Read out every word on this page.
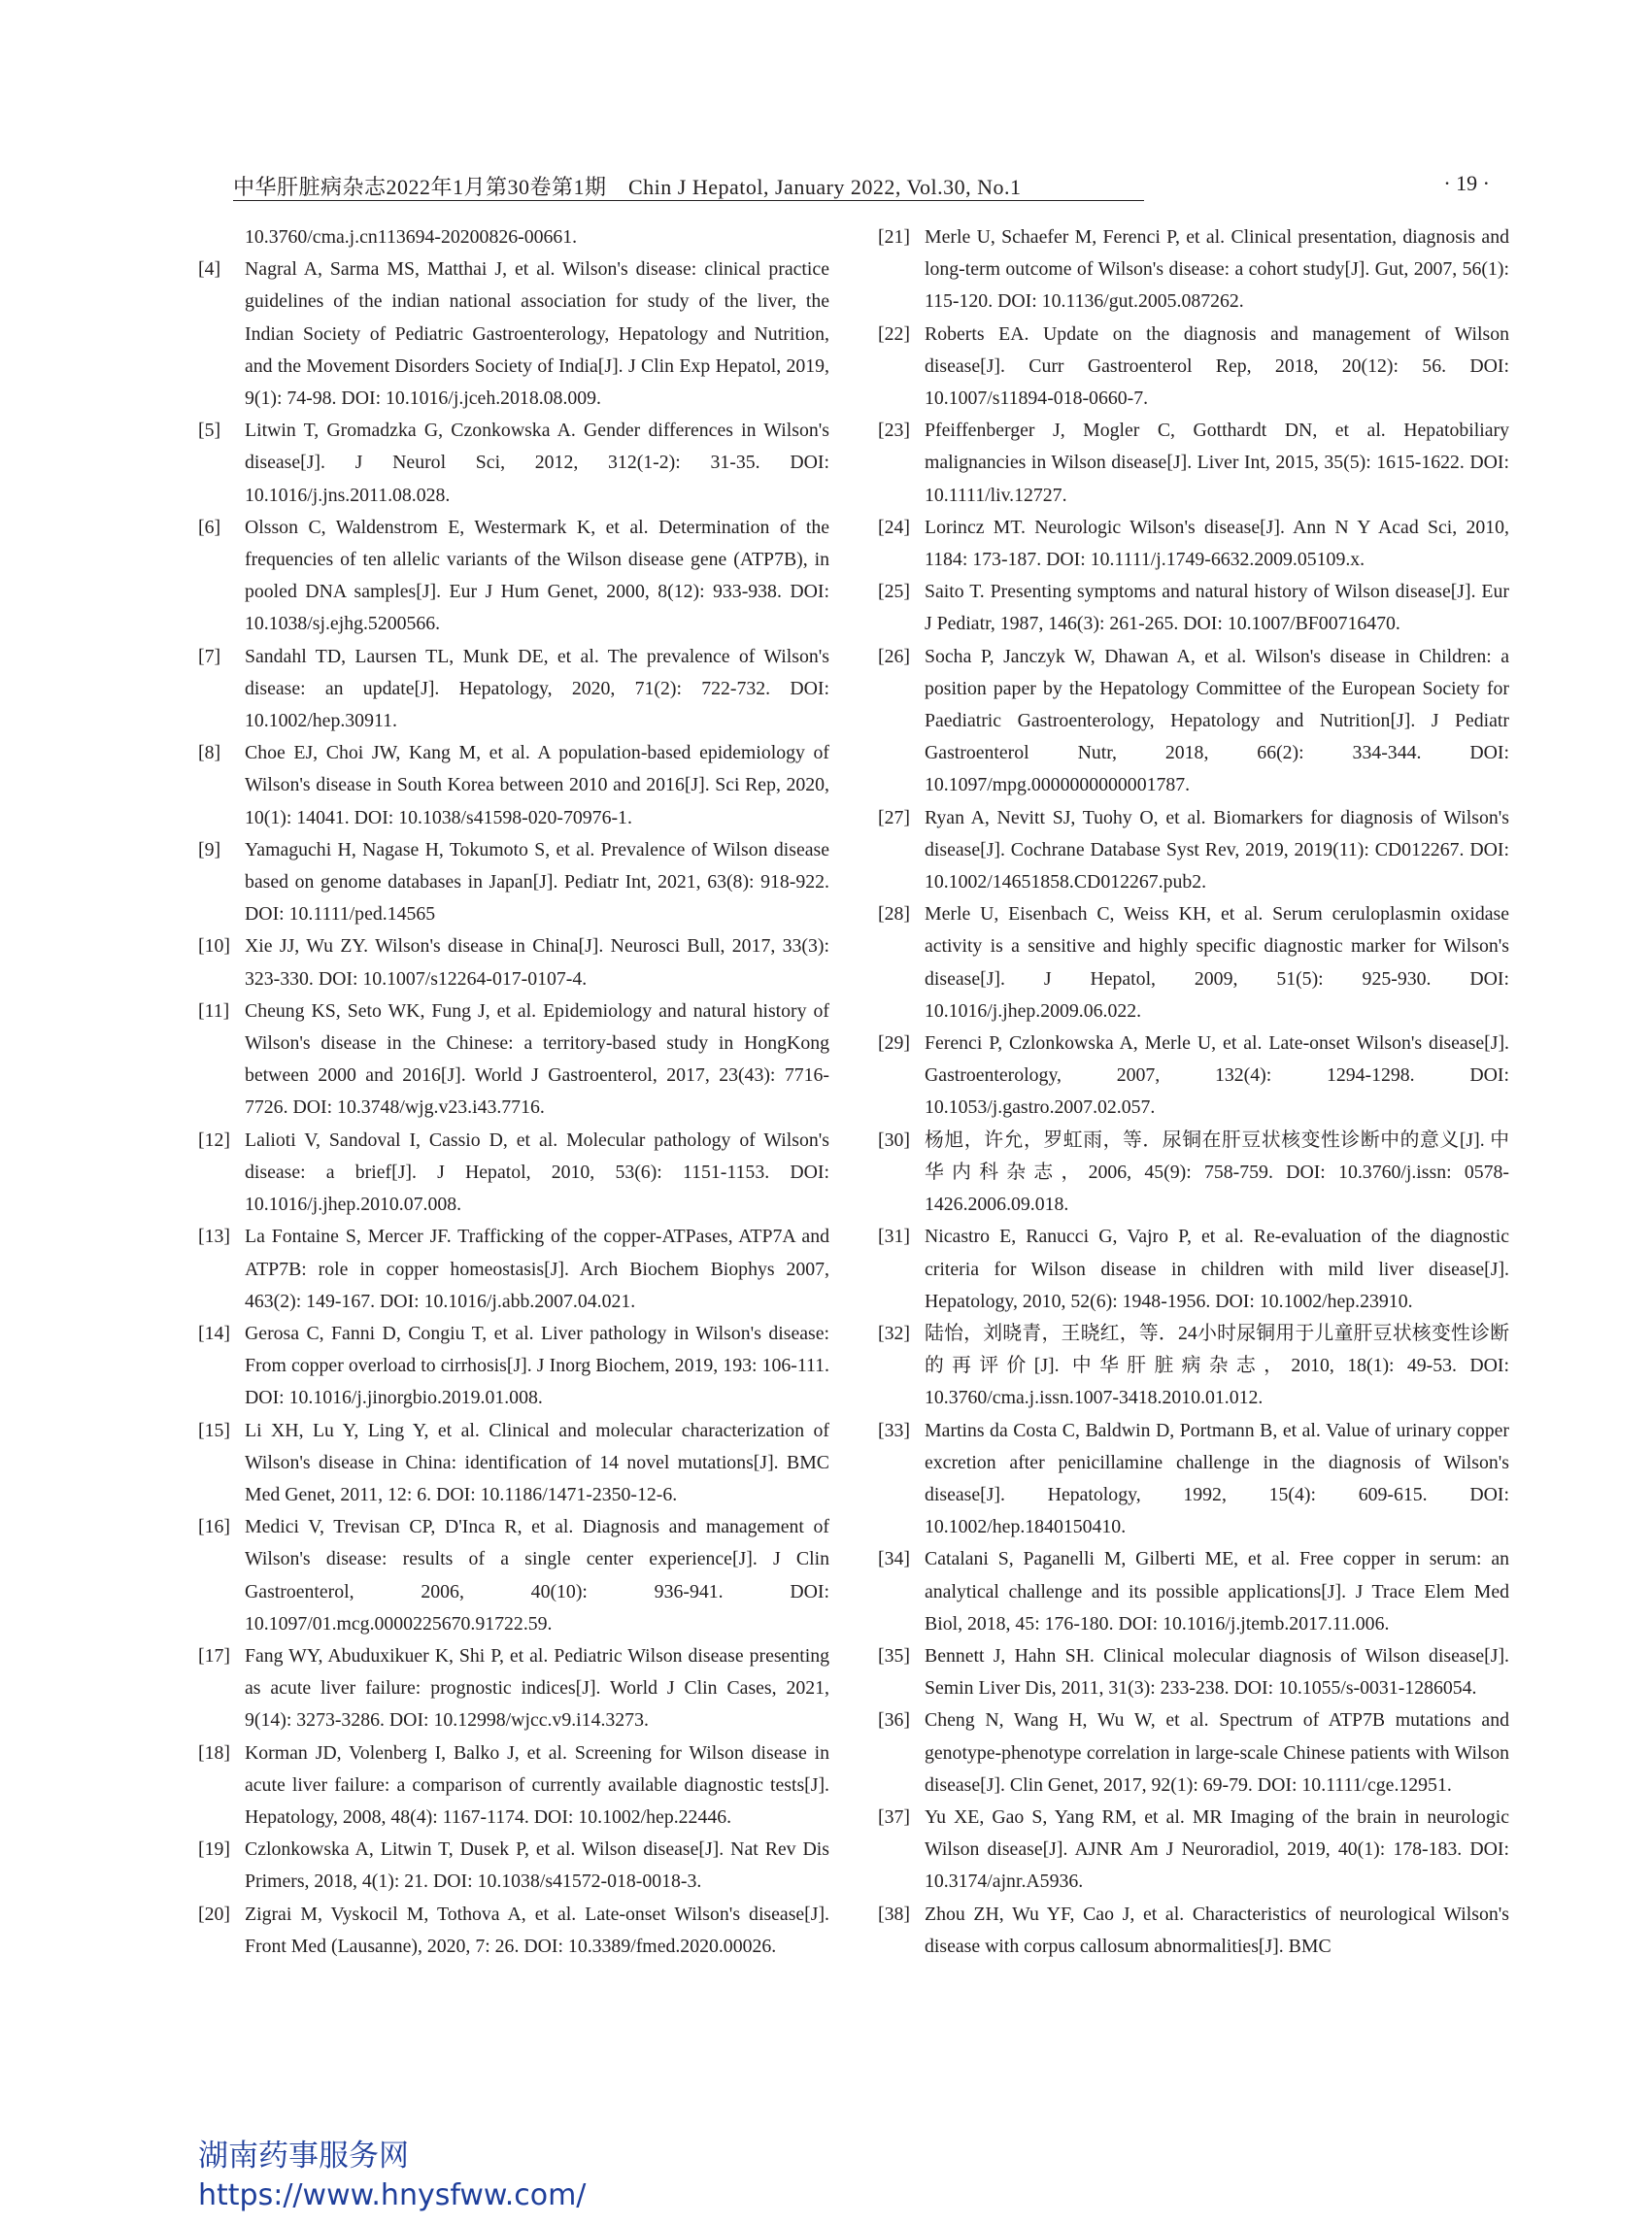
中华肝脏病杂志2022年1月第30卷第1期　Chin J Hepatol, January 2022, Vol.30, No.1	· 19 ·
10.3760/cma.j.cn113694-20200826-00661.
[4] Nagral A, Sarma MS, Matthai J, et al. Wilson's disease: clinical practice guidelines of the indian national association for study of the liver, the Indian Society of Pediatric Gastroenterology, Hepatology and Nutrition, and the Movement Disorders Society of India[J]. J Clin Exp Hepatol, 2019, 9(1): 74-98. DOI: 10.1016/j.jceh.2018.08.009.
[5] Litwin T, Gromadzka G, Czonkowska A. Gender differences in Wilson's disease[J]. J Neurol Sci, 2012, 312(1-2): 31-35. DOI: 10.1016/j.jns.2011.08.028.
[6] Olsson C, Waldenstrom E, Westermark K, et al. Determination of the frequencies of ten allelic variants of the Wilson disease gene (ATP7B), in pooled DNA samples[J]. Eur J Hum Genet, 2000, 8(12): 933-938. DOI: 10.1038/sj.ejhg.5200566.
[7] Sandahl TD, Laursen TL, Munk DE, et al. The prevalence of Wilson's disease: an update[J]. Hepatology, 2020, 71(2): 722-732. DOI: 10.1002/hep.30911.
[8] Choe EJ, Choi JW, Kang M, et al. A population-based epidemiology of Wilson's disease in South Korea between 2010 and 2016[J]. Sci Rep, 2020, 10(1): 14041. DOI: 10.1038/s41598-020-70976-1.
[9] Yamaguchi H, Nagase H, Tokumoto S, et al. Prevalence of Wilson disease based on genome databases in Japan[J]. Pediatr Int, 2021, 63(8): 918-922. DOI: 10.1111/ped.14565
[10] Xie JJ, Wu ZY. Wilson's disease in China[J]. Neurosci Bull, 2017, 33(3): 323-330. DOI: 10.1007/s12264-017-0107-4.
[11] Cheung KS, Seto WK, Fung J, et al. Epidemiology and natural history of Wilson's disease in the Chinese: a territory-based study in HongKong between 2000 and 2016[J]. World J Gastroenterol, 2017, 23(43): 7716-7726. DOI: 10.3748/wjg.v23.i43.7716.
[12] Lalioti V, Sandoval I, Cassio D, et al. Molecular pathology of Wilson's disease: a brief[J]. J Hepatol, 2010, 53(6): 1151-1153. DOI: 10.1016/j.jhep.2010.07.008.
[13] La Fontaine S, Mercer JF. Trafficking of the copper-ATPases, ATP7A and ATP7B: role in copper homeostasis[J]. Arch Biochem Biophys 2007, 463(2): 149-167. DOI: 10.1016/j.abb.2007.04.021.
[14] Gerosa C, Fanni D, Congiu T, et al. Liver pathology in Wilson's disease: From copper overload to cirrhosis[J]. J Inorg Biochem, 2019, 193: 106-111. DOI: 10.1016/j.jinorgbio.2019.01.008.
[15] Li XH, Lu Y, Ling Y, et al. Clinical and molecular characterization of Wilson's disease in China: identification of 14 novel mutations[J]. BMC Med Genet, 2011, 12: 6. DOI: 10.1186/1471-2350-12-6.
[16] Medici V, Trevisan CP, D'Inca R, et al. Diagnosis and management of Wilson's disease: results of a single center experience[J]. J Clin Gastroenterol, 2006, 40(10): 936-941. DOI: 10.1097/01.mcg.0000225670.91722.59.
[17] Fang WY, Abuduxikuer K, Shi P, et al. Pediatric Wilson disease presenting as acute liver failure: prognostic indices[J]. World J Clin Cases, 2021, 9(14): 3273-3286. DOI: 10.12998/wjcc.v9.i14.3273.
[18] Korman JD, Volenberg I, Balko J, et al. Screening for Wilson disease in acute liver failure: a comparison of currently available diagnostic tests[J]. Hepatology, 2008, 48(4): 1167-1174. DOI: 10.1002/hep.22446.
[19] Czlonkowska A, Litwin T, Dusek P, et al. Wilson disease[J]. Nat Rev Dis Primers, 2018, 4(1): 21. DOI: 10.1038/s41572-018-0018-3.
[20] Zigrai M, Vyskocil M, Tothova A, et al. Late-onset Wilson's disease[J]. Front Med (Lausanne), 2020, 7: 26. DOI: 10.3389/fmed.2020.00026.
[21] Merle U, Schaefer M, Ferenci P, et al. Clinical presentation, diagnosis and long-term outcome of Wilson's disease: a cohort study[J]. Gut, 2007, 56(1): 115-120. DOI: 10.1136/gut.2005.087262.
[22] Roberts EA. Update on the diagnosis and management of Wilson disease[J]. Curr Gastroenterol Rep, 2018, 20(12): 56. DOI: 10.1007/s11894-018-0660-7.
[23] Pfeiffenberger J, Mogler C, Gotthardt DN, et al. Hepatobiliary malignancies in Wilson disease[J]. Liver Int, 2015, 35(5): 1615-1622. DOI: 10.1111/liv.12727.
[24] Lorincz MT. Neurologic Wilson's disease[J]. Ann N Y Acad Sci, 2010, 1184: 173-187. DOI: 10.1111/j.1749-6632.2009.05109.x.
[25] Saito T. Presenting symptoms and natural history of Wilson disease[J]. Eur J Pediatr, 1987, 146(3): 261-265. DOI: 10.1007/BF00716470.
[26] Socha P, Janczyk W, Dhawan A, et al. Wilson's disease in Children: a position paper by the Hepatology Committee of the European Society for Paediatric Gastroenterology, Hepatology and Nutrition[J]. J Pediatr Gastroenterol Nutr, 2018, 66(2): 334-344. DOI: 10.1097/mpg.0000000000001787.
[27] Ryan A, Nevitt SJ, Tuohy O, et al. Biomarkers for diagnosis of Wilson's disease[J]. Cochrane Database Syst Rev, 2019, 2019(11): CD012267. DOI: 10.1002/14651858.CD012267.pub2.
[28] Merle U, Eisenbach C, Weiss KH, et al. Serum ceruloplasmin oxidase activity is a sensitive and highly specific diagnostic marker for Wilson's disease[J]. J Hepatol, 2009, 51(5): 925-930. DOI: 10.1016/j.jhep.2009.06.022.
[29] Ferenci P, Czlonkowska A, Merle U, et al. Late-onset Wilson's disease[J]. Gastroenterology, 2007, 132(4): 1294-1298. DOI: 10.1053/j.gastro.2007.02.057.
[30] 杨旭，许允，罗虹雨，等．尿铜在肝豆状核变性诊断中的意义[J]. 中华内科杂志，2006, 45(9): 758-759. DOI: 10.3760/j.issn: 0578-1426.2006.09.018.
[31] Nicastro E, Ranucci G, Vajro P, et al. Re-evaluation of the diagnostic criteria for Wilson disease in children with mild liver disease[J]. Hepatology, 2010, 52(6): 1948-1956. DOI: 10.1002/hep.23910.
[32] 陆怡，刘晓青，王晓红，等．24小时尿铜用于儿童肝豆状核变性诊断的再评价[J]. 中华肝脏病杂志，2010, 18(1): 49-53. DOI: 10.3760/cma.j.issn.1007-3418.2010.01.012.
[33] Martins da Costa C, Baldwin D, Portmann B, et al. Value of urinary copper excretion after penicillamine challenge in the diagnosis of Wilson's disease[J]. Hepatology, 1992, 15(4): 609-615. DOI: 10.1002/hep.1840150410.
[34] Catalani S, Paganelli M, Gilberti ME, et al. Free copper in serum: an analytical challenge and its possible applications[J]. J Trace Elem Med Biol, 2018, 45: 176-180. DOI: 10.1016/j.jtemb.2017.11.006.
[35] Bennett J, Hahn SH. Clinical molecular diagnosis of Wilson disease[J]. Semin Liver Dis, 2011, 31(3): 233-238. DOI: 10.1055/s-0031-1286054.
[36] Cheng N, Wang H, Wu W, et al. Spectrum of ATP7B mutations and genotype-phenotype correlation in large-scale Chinese patients with Wilson disease[J]. Clin Genet, 2017, 92(1): 69-79. DOI: 10.1111/cge.12951.
[37] Yu XE, Gao S, Yang RM, et al. MR Imaging of the brain in neurologic Wilson disease[J]. AJNR Am J Neuroradiol, 2019, 40(1): 178-183. DOI: 10.3174/ajnr.A5936.
[38] Zhou ZH, Wu YF, Cao J, et al. Characteristics of neurological Wilson's disease with corpus callosum abnormalities[J]. BMC
湖南药事服务网
https://www.hnysfww.com/
